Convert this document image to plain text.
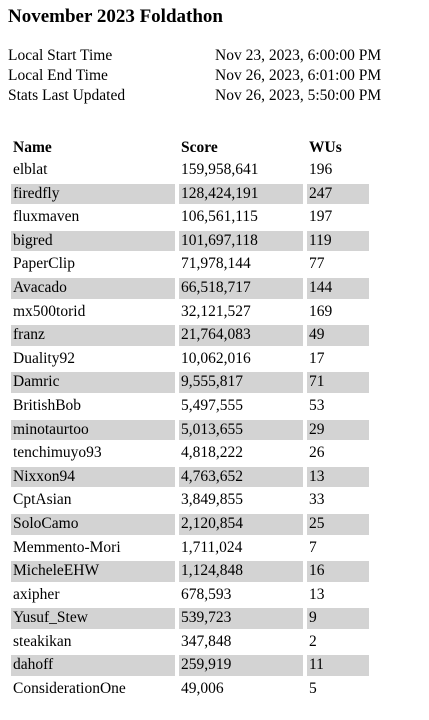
November 2023 Foldathon
Local Start Time	Nov 23, 2023, 6:00:00 PM
Local End Time	Nov 26, 2023, 6:01:00 PM
Stats Last Updated	Nov 26, 2023, 5:50:00 PM
Name	Score	WUs
elblat	159,958,641	196
firedfly	128,424,191	247
fluxmaven	106,561,115	197
bigred	101,697,118	119
PaperClip	71,978,144	77
Avacado	66,518,717	144
mx500torid	32,121,527	169
franz	21,764,083	49
Duality92	10,062,016	17
Damric	9,555,817	71
BritishBob	5,497,555	53
minotaurtoo	5,013,655	29
tenchimuyo93	4,818,222	26
Nixxon94	4,763,652	13
CptAsian	3,849,855	33
SoloCamo	2,120,854	25
Memmento-Mori	1,711,024	7
MicheleEHW	1,124,848	16
axipher	678,593	13
Yusuf_Stew	539,723	9
steakikan	347,848	2
dahoff	259,919	11
ConsiderationOne	49,006	5
